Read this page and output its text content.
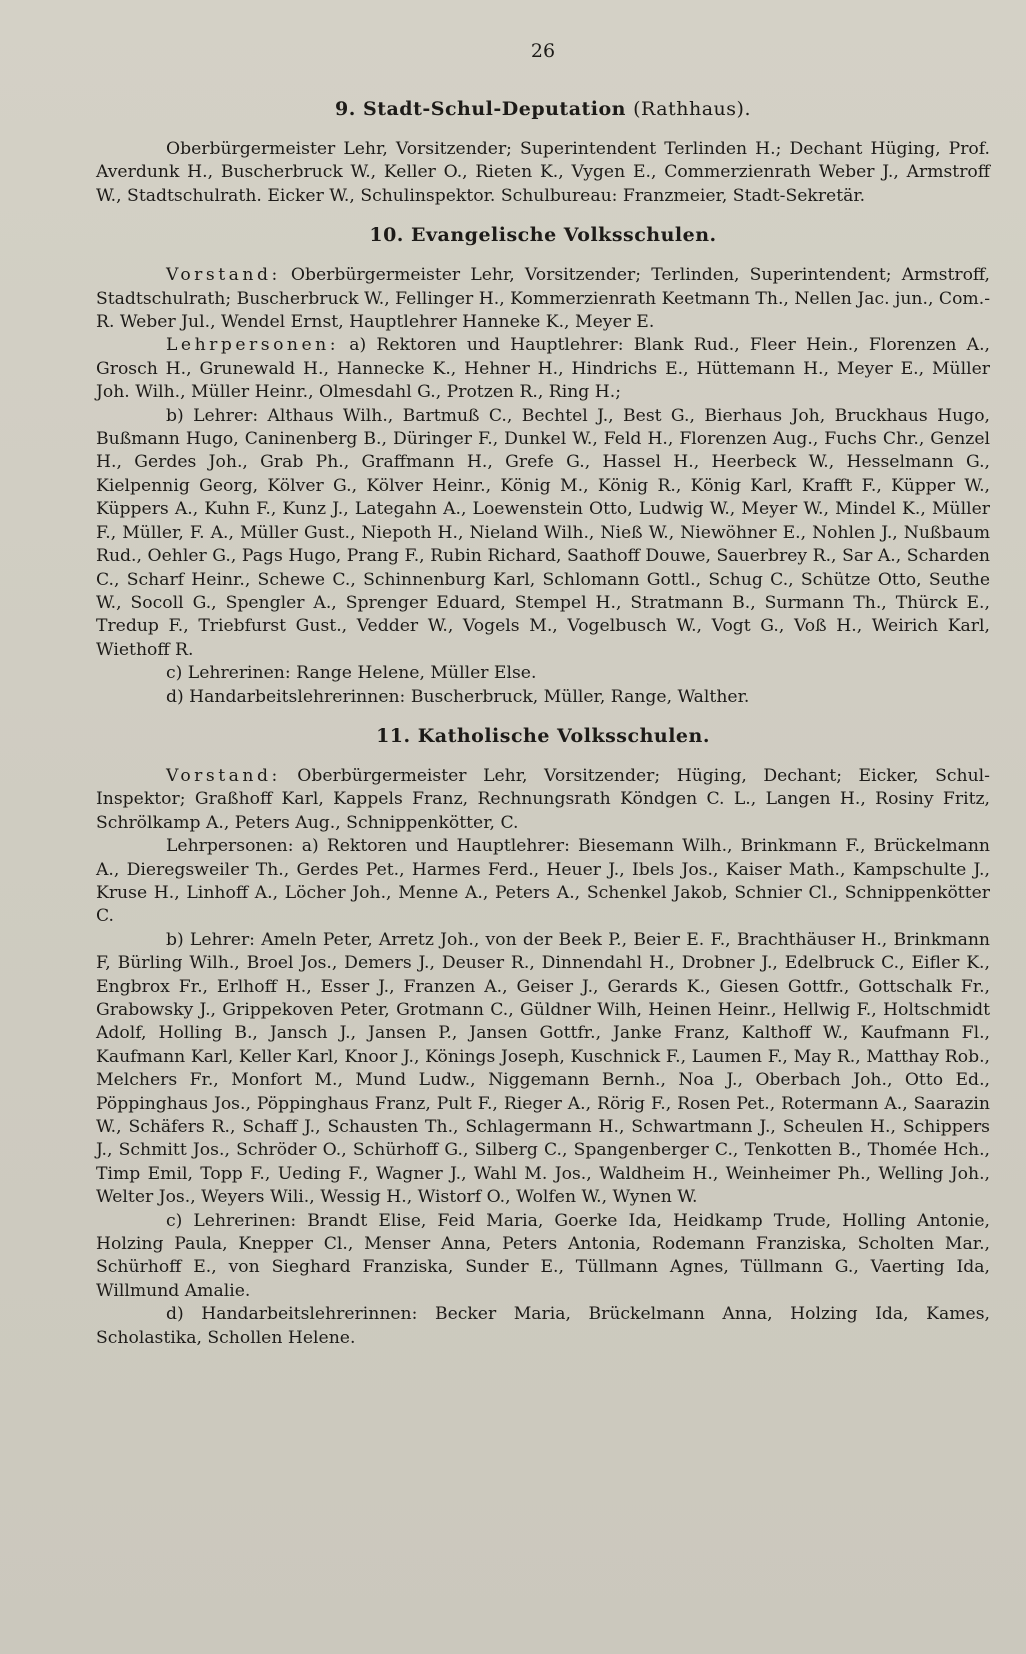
26
9. Stadt-Schul-Deputation (Rathhaus).

Oberbürgermeister Lehr, Vorsitzender; Superintendent Terlinden H.; Dechant Hüging, Prof. Averdunk H., Buscherbruck W., Keller O., Rieten K., Vygen E., Commerzienrath Weber J., Armstroff W., Stadtschulrath. Eicker W., Schulinspektor. Schulbureau: Franzmeier, Stadt-Sekretär.

10. Evangelische Volksschulen.

Vorstand: Oberbürgermeister Lehr, Vorsitzender; Terlinden, Superintendent; Armstroff, Stadtschulrath; Buscherbruck W., Fellinger H., Kommerzienrath Keetmann Th., Nellen Jac. jun., Com.-R. Weber Jul., Wendel Ernst, Hauptlehrer Hanneke K., Meyer E.

Lehrpersonen: a) Rektoren und Hauptlehrer: Blank Rud., Fleer Hein., Florenzen A., Grosch H., Grunewald H., Hannecke K., Hehner H., Hindrichs E., Hüttemann H., Meyer E., Müller Joh. Wilh., Müller Heinr., Olmesdahl G., Protzen R., Ring H.;

b) Lehrer: Althaus Wilh., Bartmuß C., Bechtel J., Best G., Bierhaus Joh, Bruckhaus Hugo, Bußmann Hugo, Caninenberg B., Düringer F., Dunkel W., Feld H., Florenzen Aug., Fuchs Chr., Genzel H., Gerdes Joh., Grab Ph., Graffmann H., Grefe G., Hassel H., Heerbeck W., Hesselmann G., Kielpennig Georg, Kölver G., Kölver Heinr., König M., König R., König Karl, Krafft F., Küpper W., Küppers A., Kuhn F., Kunz J., Lategahn A., Loewenstein Otto, Ludwig W., Meyer W., Mindel K., Müller F., Müller, F. A., Müller Gust., Niepoth H., Nieland Wilh., Nieß W., Niewöhner E., Nohlen J., Nußbaum Rud., Oehler G., Pags Hugo, Prang F., Rubin Richard, Saathoff Douwe, Sauerbrey R., Sar A., Scharden C., Scharf Heinr., Schewe C., Schinnenburg Karl, Schlomann Gottl., Schug C., Schütze Otto, Seuthe W., Socoll G., Spengler A., Sprenger Eduard, Stempel H., Stratmann B., Surmann Th., Thürck E., Tredup F., Triebfurst Gust., Vedder W., Vogels M., Vogelbusch W., Vogt G., Voß H., Weirich Karl, Wiethoff R.

c) Lehrerinen: Range Helene, Müller Else.

d) Handarbeitslehrerinnen: Buscherbruck, Müller, Range, Walther.

11. Katholische Volksschulen.

Vorstand: Oberbürgermeister Lehr, Vorsitzender; Hüging, Dechant; Eicker, Schul-Inspektor; Graßhoff Karl, Kappels Franz, Rechnungsrath Köndgen C. L., Langen H., Rosiny Fritz, Schrölkamp A., Peters Aug., Schnippenkötter, C.

Lehrpersonen: a) Rektoren und Hauptlehrer: Biesemann Wilh., Brinkmann F., Brückelmann A., Dieregsweiler Th., Gerdes Pet., Harmes Ferd., Heuer J., Ibels Jos., Kaiser Math., Kampschulte J., Kruse H., Linhoff A., Löcher Joh., Menne A., Peters A., Schenkel Jakob, Schnier Cl., Schnippenkötter C.

b) Lehrer: Ameln Peter, Arretz Joh., von der Beek P., Beier E. F., Brachthäuser H., Brinkmann F, Bürling Wilh., Broel Jos., Demers J., Deuser R., Dinnendahl H., Drobner J., Edelbruck C., Eifler K., Engbrox Fr., Erlhoff H., Esser J., Franzen A., Geiser J., Gerards K., Giesen Gottfr., Gottschalk Fr., Grabowsky J., Grippekoven Peter, Grotmann C., Güldner Wilh, Heinen Heinr., Hellwig F., Holtschmidt Adolf, Holling B., Jansch J., Jansen P., Jansen Gottfr., Janke Franz, Kalthoff W., Kaufmann Fl., Kaufmann Karl, Keller Karl, Knoor J., Könings Joseph, Kuschnick F., Laumen F., May R., Matthay Rob., Melchers Fr., Monfort M., Mund Ludw., Niggemann Bernh., Noa J., Oberbach Joh., Otto Ed., Pöppinghaus Jos., Pöppinghaus Franz, Pult F., Rieger A., Rörig F., Rosen Pet., Rotermann A., Saarazin W., Schäfers R., Schaff J., Schausten Th., Schlagermann H., Schwartmann J., Scheulen H., Schippers J., Schmitt Jos., Schröder O., Schürhoff G., Silberg C., Spangenberger C., Tenkotten B., Thomée Hch., Timp Emil, Topp F., Ueding F., Wagner J., Wahl M. Jos., Waldheim H., Weinheimer Ph., Welling Joh., Welter Jos., Weyers Wili., Wessig H., Wistorf O., Wolfen W., Wynen W.

c) Lehrerinen: Brandt Elise, Feid Maria, Goerke Ida, Heidkamp Trude, Holling Antonie, Holzing Paula, Knepper Cl., Menser Anna, Peters Antonia, Rodemann Franziska, Scholten Mar., Schürhoff E., von Sieghard Franziska, Sunder E., Tüllmann Agnes, Tüllmann G., Vaerting Ida, Willmund Amalie.

d) Handarbeitslehrerinnen: Becker Maria, Brückelmann Anna, Holzing Ida, Kames, Scholastika, Schollen Helene.
